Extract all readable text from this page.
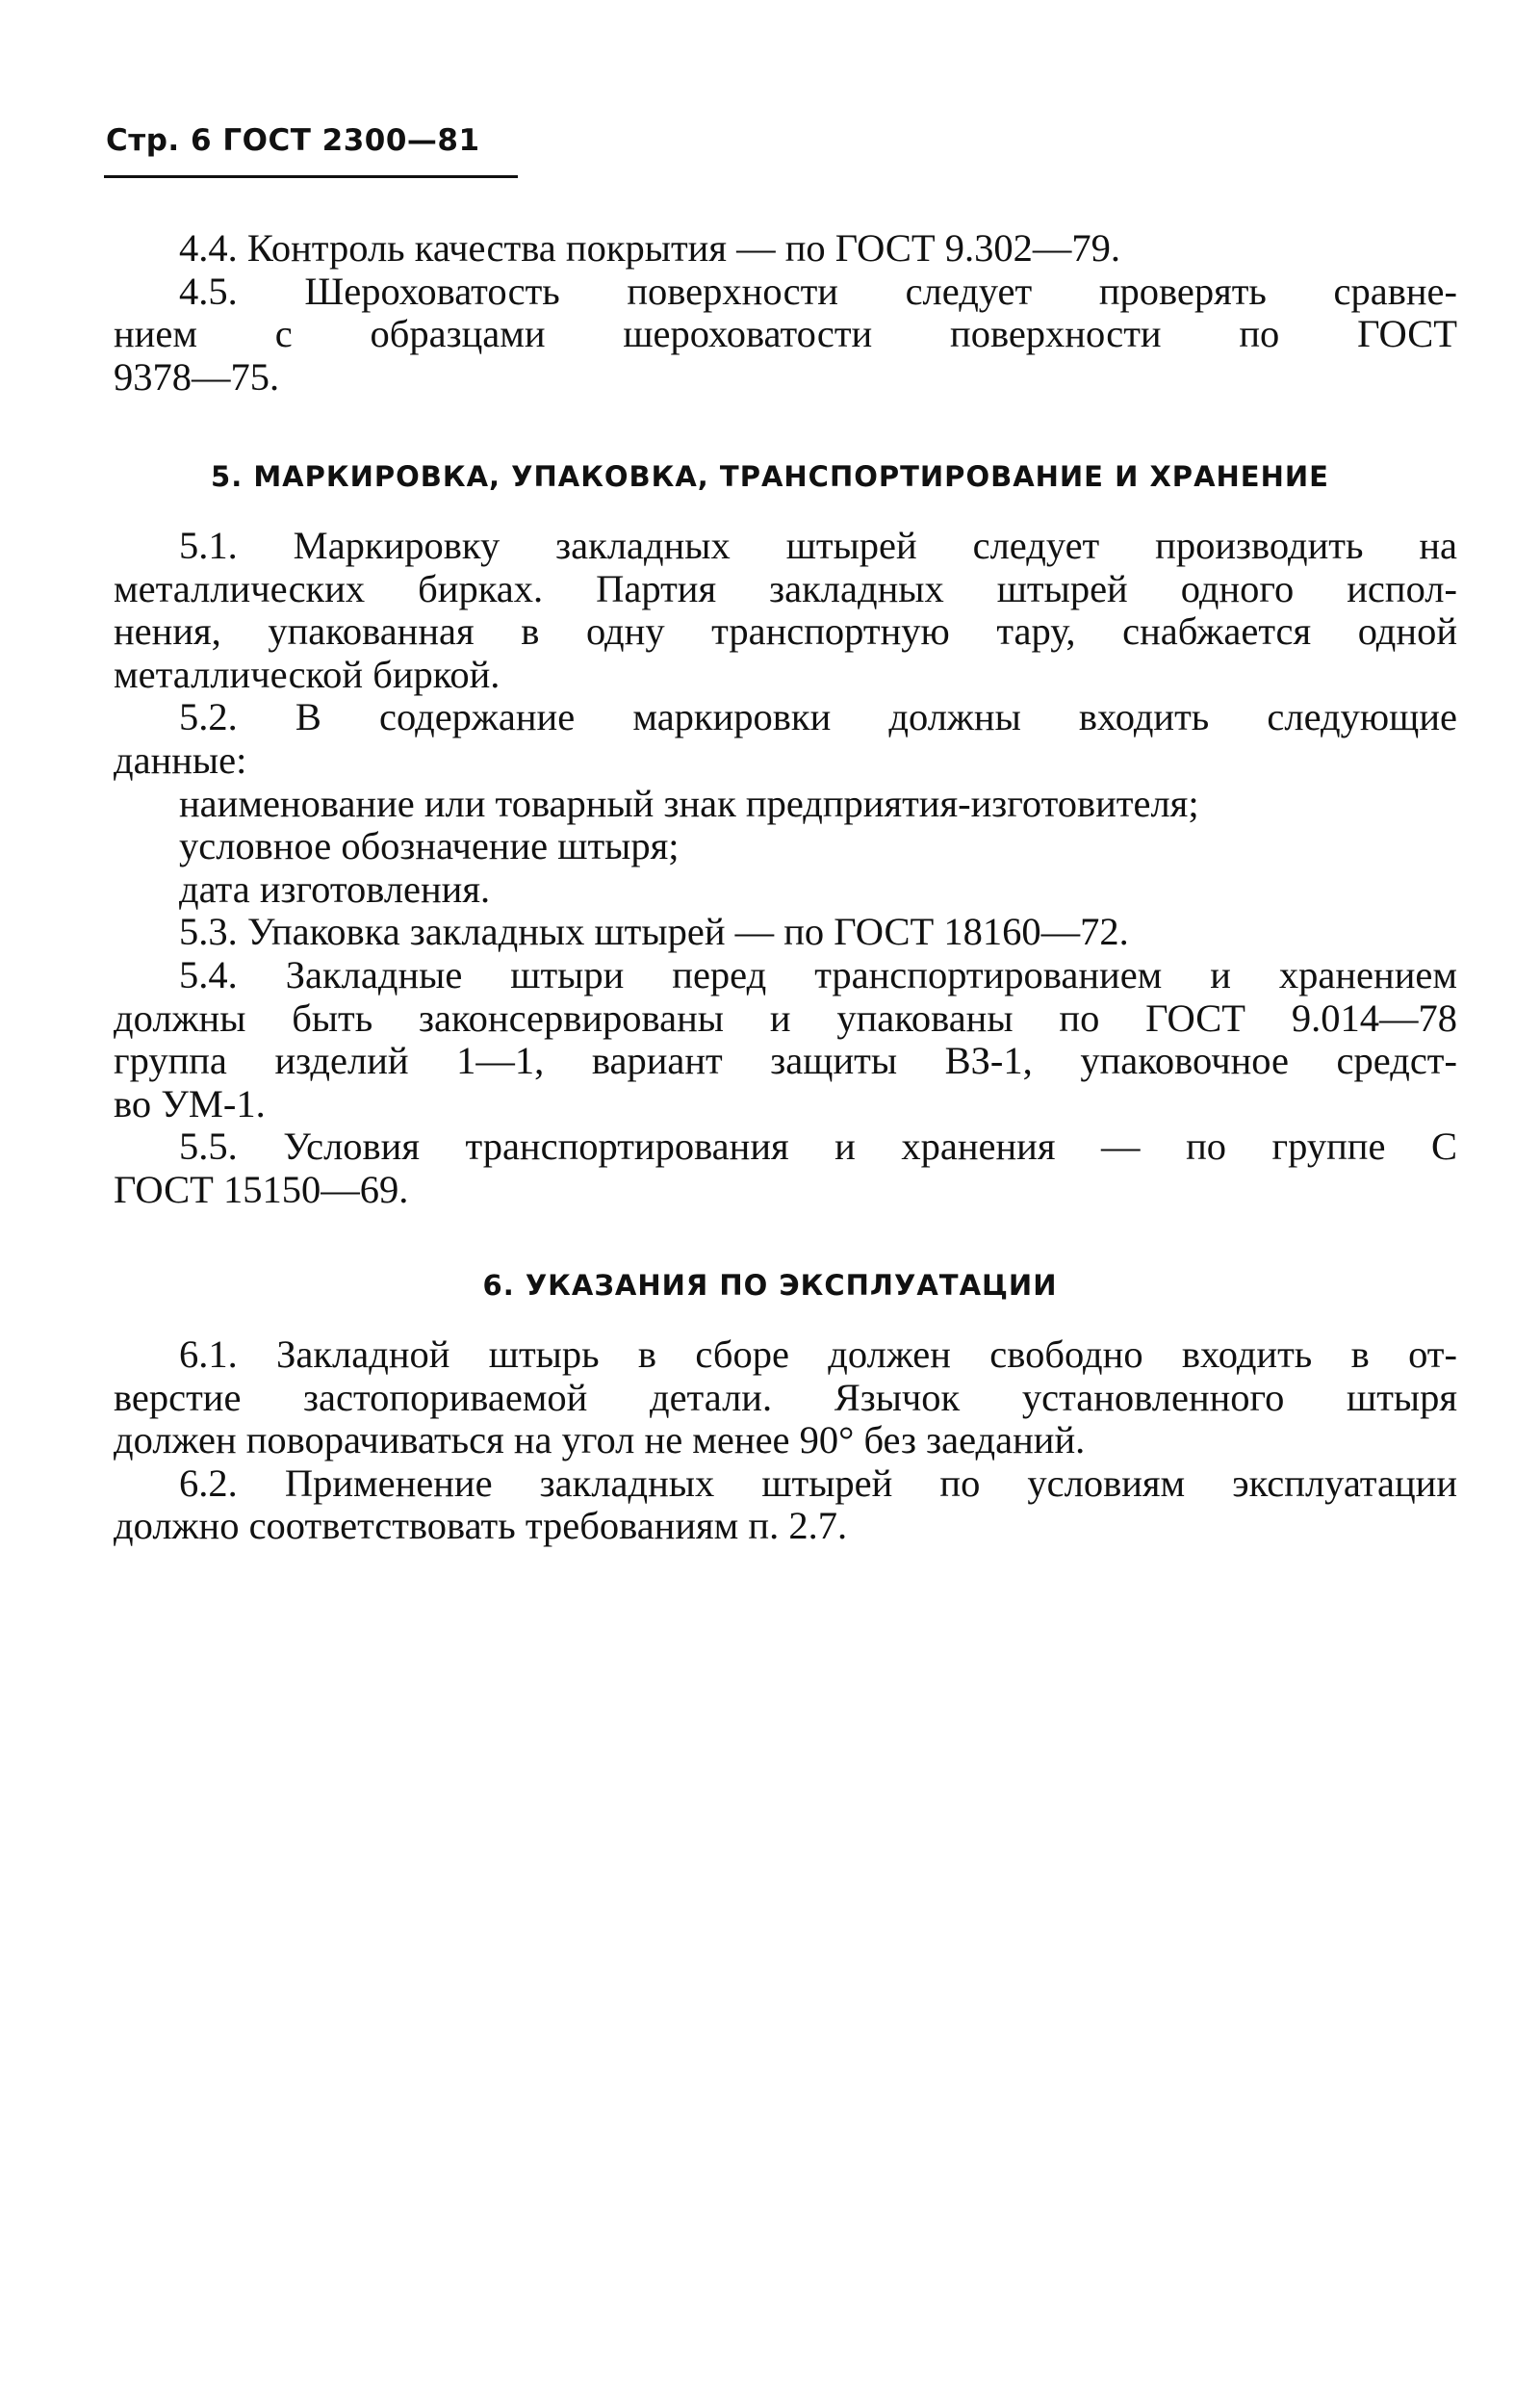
Стр. 6 ГОСТ 2300—81
4.4. Контроль качества покрытия — по ГОСТ 9.302—79.
4.5. Шероховатость поверхности следует проверять сравне-
нием с образцами шероховатости поверхности по ГОСТ
9378—75.
5. МАРКИРОВКА, УПАКОВКА, ТРАНСПОРТИРОВАНИЕ И ХРАНЕНИЕ
5.1. Маркировку закладных штырей следует производить на
металлических бирках. Партия закладных штырей одного испол-
нения, упакованная в одну транспортную тару, снабжается одной
металлической биркой.
5.2. В содержание маркировки должны входить следующие
данные:
наименование или товарный знак предприятия-изготовителя;
условное обозначение штыря;
дата изготовления.
5.3. Упаковка закладных штырей — по ГОСТ 18160—72.
5.4. Закладные штыри перед транспортированием и хранением
должны быть законсервированы и упакованы по ГОСТ 9.014—78
группа изделий 1—1, вариант защиты ВЗ-1, упаковочное средст-
во УМ-1.
5.5. Условия транспортирования и хранения — по группе С
ГОСТ 15150—69.
6. УКАЗАНИЯ ПО ЭКСПЛУАТАЦИИ
6.1. Закладной штырь в сборе должен свободно входить в от-
верстие застопориваемой детали. Язычок установленного штыря
должен поворачиваться на угол не менее 90° без заеданий.
6.2. Применение закладных штырей по условиям эксплуатации
должно соответствовать требованиям п. 2.7.
